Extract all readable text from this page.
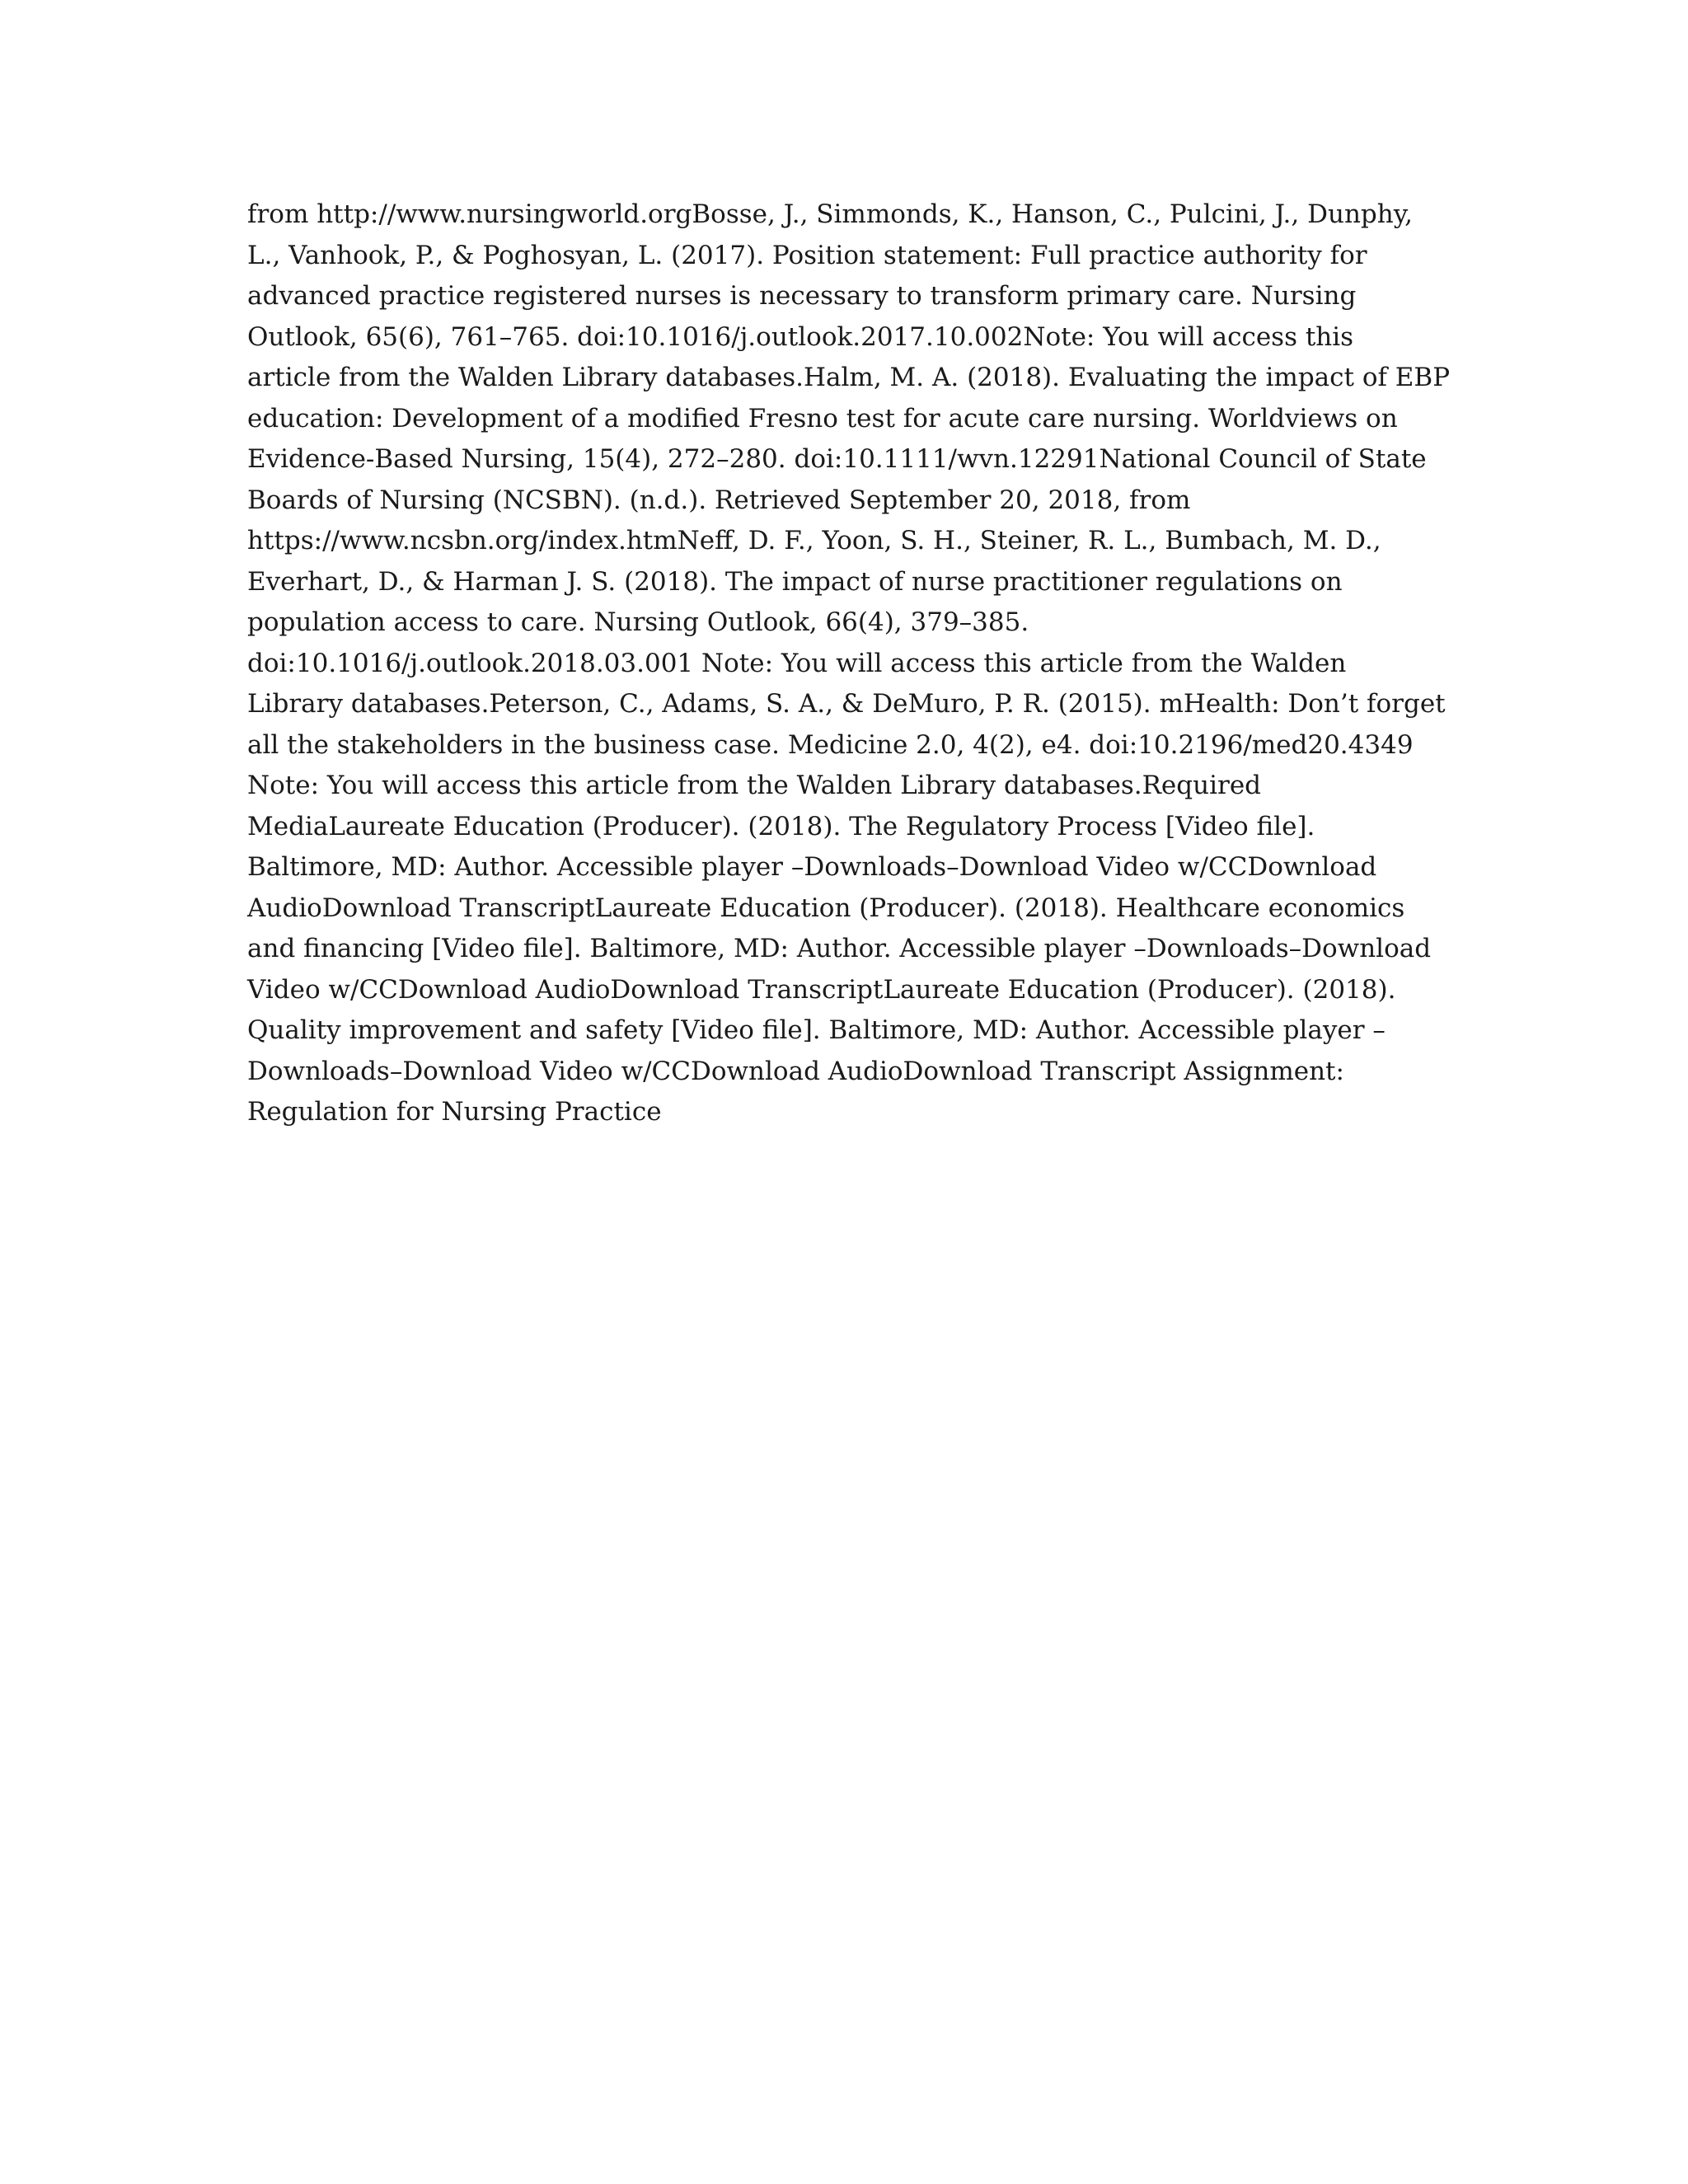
from http://www.nursingworld.orgBosse, J., Simmonds, K., Hanson, C., Pulcini, J., Dunphy,
L., Vanhook, P., & Poghosyan, L. (2017). Position statement: Full practice authority for
advanced practice registered nurses is necessary to transform primary care. Nursing
Outlook, 65(6), 761–765. doi:10.1016/j.outlook.2017.10.002Note: You will access this
article from the Walden Library databases.Halm, M. A. (2018). Evaluating the impact of EBP
education: Development of a modified Fresno test for acute care nursing. Worldviews on
Evidence-Based Nursing, 15(4), 272–280. doi:10.1111/wvn.12291National Council of State
Boards of Nursing (NCSBN). (n.d.). Retrieved September 20, 2018, from
https://www.ncsbn.org/index.htmNeff, D. F., Yoon, S. H., Steiner, R. L., Bumbach, M. D.,
Everhart, D., & Harman J. S. (2018). The impact of nurse practitioner regulations on
population access to care. Nursing Outlook, 66(4), 379–385.
doi:10.1016/j.outlook.2018.03.001 Note: You will access this article from the Walden
Library databases.Peterson, C., Adams, S. A., & DeMuro, P. R. (2015). mHealth: Don’t forget
all the stakeholders in the business case. Medicine 2.0, 4(2), e4. doi:10.2196/med20.4349
Note: You will access this article from the Walden Library databases.Required
MediaLaureate Education (Producer). (2018). The Regulatory Process [Video file].
Baltimore, MD: Author. Accessible player –Downloads–Download Video w/CCDownload
AudioDownload TranscriptLaureate Education (Producer). (2018). Healthcare economics
and financing [Video file]. Baltimore, MD: Author. Accessible player –Downloads–Download
Video w/CCDownload AudioDownload TranscriptLaureate Education (Producer). (2018).
Quality improvement and safety [Video file]. Baltimore, MD: Author. Accessible player –
Downloads–Download Video w/CCDownload AudioDownload Transcript Assignment:
Regulation for Nursing Practice
